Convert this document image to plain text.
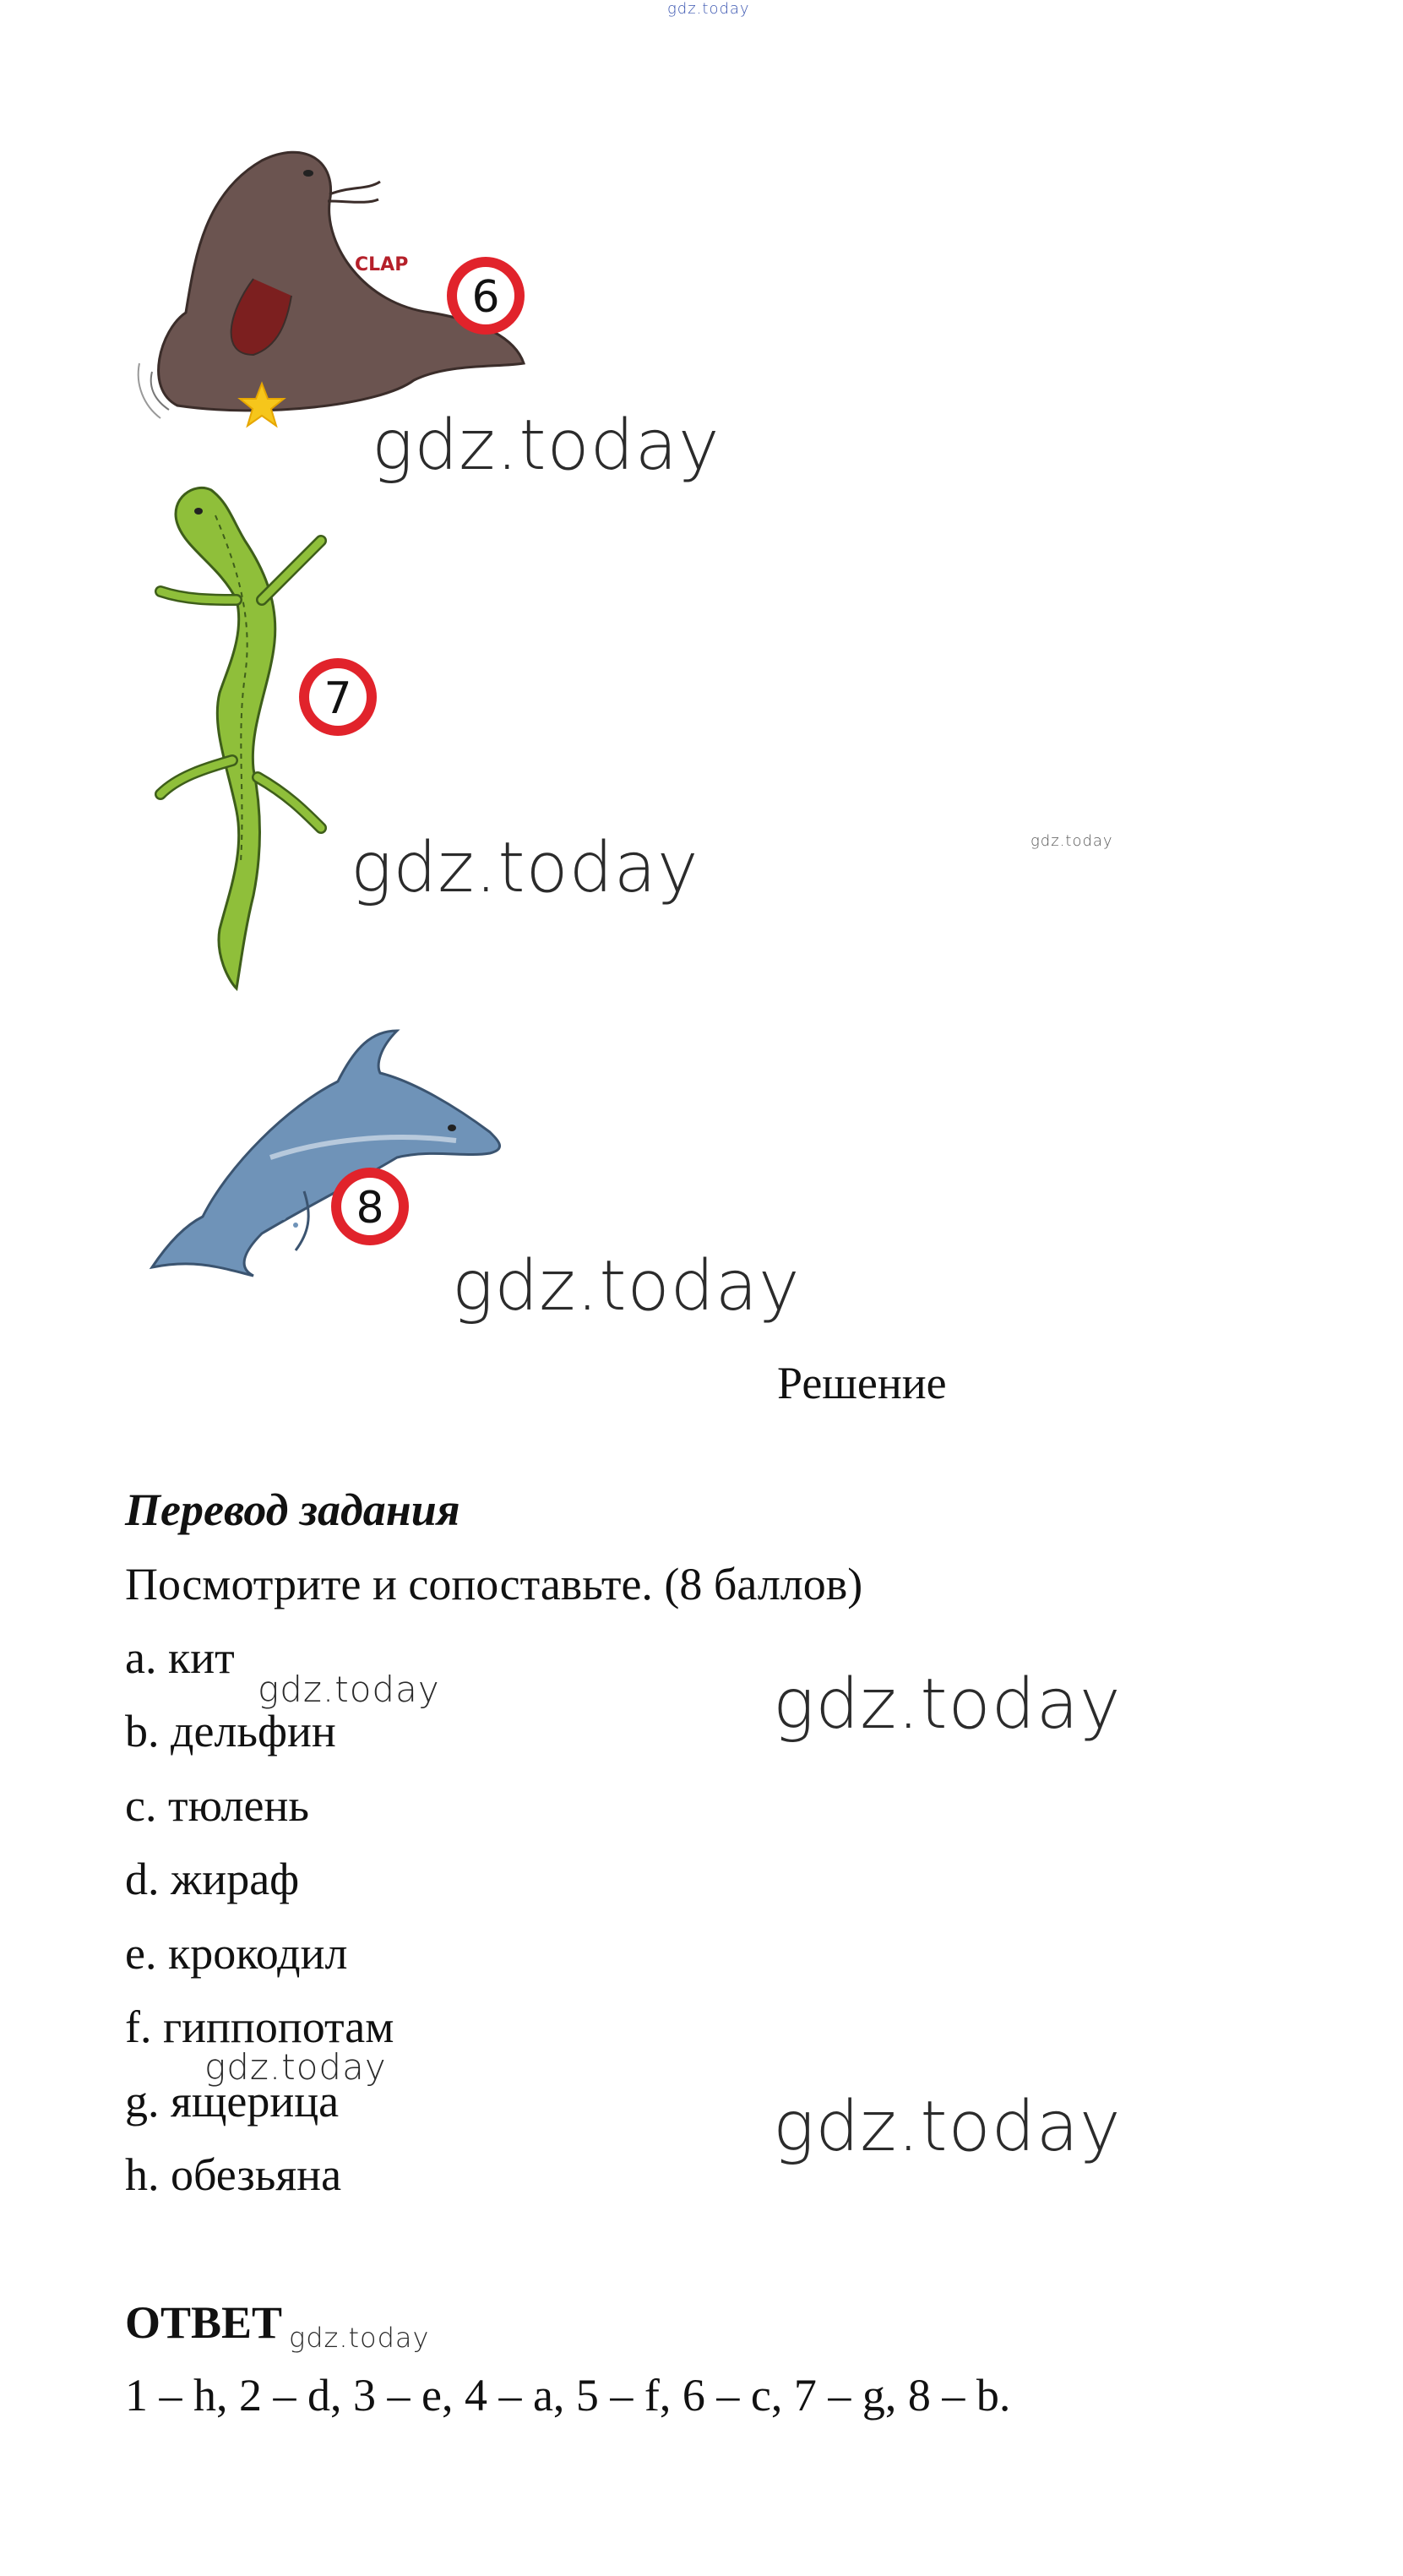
gdz.today
CLAP
6
gdz.today
7
gdz.today	gdz.today
8
gdz.today
Решение
Перевод задания
Посмотрите и сопоставьте. (8 баллов)
a. кит
b. дельфин
c. тюлень
d. жираф
e. крокодил
f. гиппопотам
g. ящерица
h. обезьяна
gdz.today	gdz.today
gdz.today
gdz.today
ОТВЕТ gdz.today
1 – h, 2 – d, 3 – e, 4 – a, 5 – f, 6 – c, 7 – g, 8 – b.
